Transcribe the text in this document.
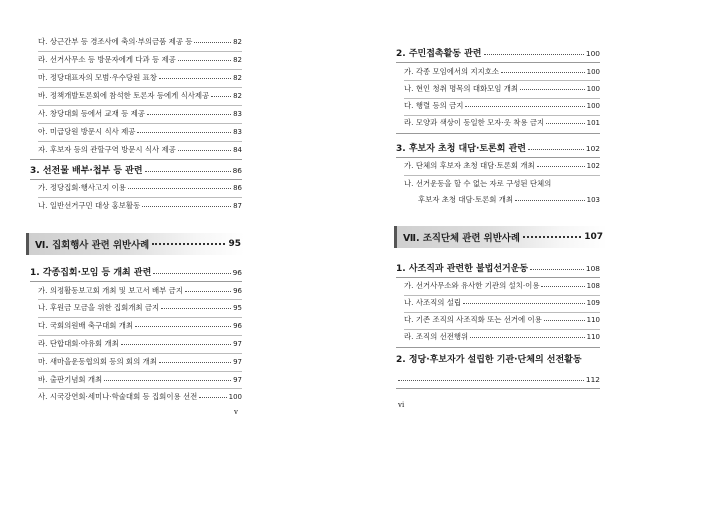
다. 상근간부 등 경조사에 축의·부의금품 제공 등	82
라. 선거사무소 등 방문자에게 다과 등 제공	82
마. 정당대표자의 모범·우수당원 표창	82
바. 정책개발토론회에 참석한 토론자 등에게 식사제공	82
사. 창당대회 등에서 교재 등 제공	83
아. 미급당원 방문시 식사 제공	83
자. 후보자 등의 관할구역 방문시 식사 제공	84
3. 선전물 배부·첩부 등 관련	86
가. 정당집회·행사고지 이용	86
나. 일반선거구민 대상 홍보활동	87
Ⅵ. 집회행사 관련 위반사례	95
1. 각종집회·모임 등 개최 관련	96
가. 의정활동보고회 개최 및 보고서 배부 금지	96
나. 후원금 모금을 위한 집회개최 금지	95
다. 국회의원배 축구대회 개최	96
라. 단합대회·야유회 개최	97
마. 새마을운동협의회 등의 회의 개최	97
바. 출판기념회 개최	97
사. 시국강연회·세미나·학술대회 등 집회이용 선전	100
v
2. 주민접촉활동 관련	100
가. 각종 모임에서의 지지호소	100
나. 현인 청취 명목의 대화모임 개최	100
다. 행렬 등의 금지	100
라. 모양과 색상이 동일한 모자·옷 착용 금지	101
3. 후보자 초청 대담·토론회 관련	102
가. 단체의 후보자 초청 대담·토론회 개최	102
나. 선거운동을 할 수 없는 자로 구성된 단체의
후보자 초청 대담·토론회 개최	103
Ⅶ. 조직단체 관련 위반사례	107
1. 사조직과 관련한 불법선거운동	108
가. 선거사무소와 유사한 기관의 설치·이용	108
나. 사조직의 설립	109
다. 기존 조직의 사조직화 또는 선거에 이용	110
라. 조직의 선전행위	110
2. 정당·후보자가 설립한 기관·단체의 선전활동
112
vi
